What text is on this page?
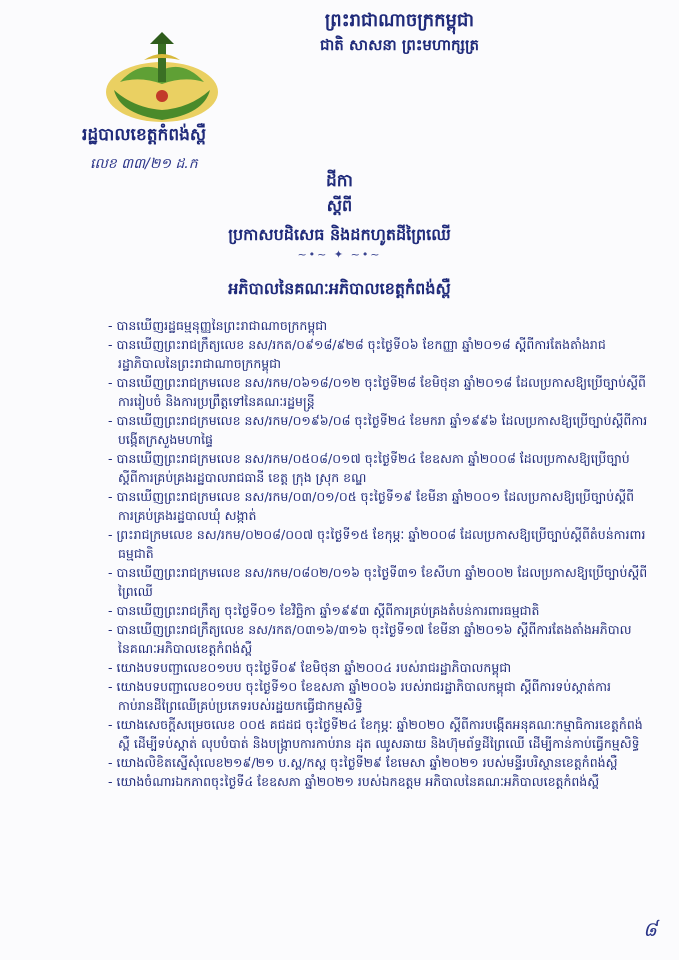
ព្រះរាជាណាចក្រកម្ពុជា
ជាតិ សាសនា ព្រះមហាក្សត្រ
រដ្ឋបាលខេត្តកំពង់ស្ពឺ
លេខ ៣៣/២១ ដ.ក
ដីកា
ស្តីពី
ប្រកាសបដិសេធ និងដកហូតដីព្រៃឈើ
~•~ ✦ ~•~
អភិបាលនៃគណៈអភិបាលខេត្តកំពង់ស្ពឺ
- បានឃើញរដ្ឋធម្មនុញ្ញនៃព្រះរាជាណាចក្រកម្ពុជា
- បានឃើញព្រះរាជក្រឹត្យលេខ នស/រកត/០៩១៨/៩២៨ ចុះថ្ងៃទី០៦ ខែកញ្ញា ឆ្នាំ២០១៨ ស្តីពីការតែងតាំងរាជរដ្ឋាភិបាលនៃព្រះរាជាណាចក្រកម្ពុជា
- បានឃើញព្រះរាជក្រមលេខ នស/រកម/០៦១៨/០១២ ចុះថ្ងៃទី២៨ ខែមិថុនា ឆ្នាំ២០១៨ ដែលប្រកាសឱ្យប្រើច្បាប់ស្តីពីការរៀបចំ និងការប្រព្រឹត្តទៅនៃគណៈរដ្ឋមន្ត្រី
- បានឃើញព្រះរាជក្រមលេខ នស/រកម/០១៩៦/០៨ ចុះថ្ងៃទី២៤ ខែមករា ឆ្នាំ១៩៩៦ ដែលប្រកាសឱ្យប្រើច្បាប់ស្តីពីការបង្កើតក្រសួងមហាផ្ទៃ
- បានឃើញព្រះរាជក្រមលេខ នស/រកម/០៥០៨/០១៧ ចុះថ្ងៃទី២៤ ខែឧសភា ឆ្នាំ២០០៨ ដែលប្រកាសឱ្យប្រើច្បាប់ស្តីពីការគ្រប់គ្រងរដ្ឋបាលរាជធានី ខេត្ត ក្រុង ស្រុក ខណ្ឌ
- បានឃើញព្រះរាជក្រមលេខ នស/រកម/០៣/០១/០៥ ចុះថ្ងៃទី១៩ ខែមីនា ឆ្នាំ២០០១ ដែលប្រកាសឱ្យប្រើច្បាប់ស្តីពីការគ្រប់គ្រងរដ្ឋបាលឃុំ សង្កាត់
- ព្រះរាជក្រមលេខ នស/រកម/០២០៨/០០៧ ចុះថ្ងៃទី១៥ ខែកុម្ភៈ ឆ្នាំ២០០៨ ដែលប្រកាសឱ្យប្រើច្បាប់ស្តីពីតំបន់ការពារធម្មជាតិ
- បានឃើញព្រះរាជក្រមលេខ នស/រកម/០៨០២/០១៦ ចុះថ្ងៃទី៣១ ខែសីហា ឆ្នាំ២០០២ ដែលប្រកាសឱ្យប្រើច្បាប់ស្តីពីព្រៃឈើ
- បានឃើញព្រះរាជក្រឹត្យ ចុះថ្ងៃទី០១ ខែវិច្ឆិកា ឆ្នាំ១៩៩៣ ស្តីពីការគ្រប់គ្រងតំបន់ការពារធម្មជាតិ
- បានឃើញព្រះរាជក្រឹត្យលេខ នស/រកត/០៣១៦/៣១៦ ចុះថ្ងៃទី១៧ ខែមីនា ឆ្នាំ២០១៦ ស្តីពីការតែងតាំងអភិបាលនៃគណៈអភិបាលខេត្តកំពង់ស្ពឺ
- យោងបទបញ្ជាលេខ០១បប ចុះថ្ងៃទី០៩ ខែមិថុនា ឆ្នាំ២០០៤ របស់រាជរដ្ឋាភិបាលកម្ពុជា
- យោងបទបញ្ជាលេខ០១បប ចុះថ្ងៃទី១០ ខែឧសភា ឆ្នាំ២០០៦ របស់រាជរដ្ឋាភិបាលកម្ពុជា ស្តីពីការទប់ស្កាត់ការកាប់រានដីព្រៃឈើគ្រប់ប្រភេទរបស់រដ្ឋយកធ្វើជាកម្មសិទ្ធិ
- យោងសេចក្តីសម្រេចលេខ ០០៥ គជដជ ចុះថ្ងៃទី២៤ ខែកុម្ភៈ ឆ្នាំ២០២០ ស្តីពីការបង្កើតអនុគណៈកម្មាធិការខេត្តកំពង់ស្ពឺ ដើម្បីទប់ស្កាត់ លុបបំបាត់ និងបង្រ្កាបការកាប់រាន ដុត ឈូសឆាយ និងហ៊ុមព័ទ្ធដីព្រៃឈើ ដើម្បីកាន់កាប់ធ្វើកម្មសិទ្ធិ
- យោងលិខិតស្នើសុំលេខ២១៩/២១ ប.ស្ព/កស្ព ចុះថ្ងៃទី២៩ ខែមេសា ឆ្នាំ២០២១ របស់មន្ទីរបរិស្ថានខេត្តកំពង់ស្ពឺ
- យោងចំណារឯកភាពចុះថ្ងៃទី៤ ខែឧសភា ឆ្នាំ២០២១ របស់ឯកឧត្តម អភិបាលនៃគណៈអភិបាលខេត្តកំពង់ស្ពឺ
៨
